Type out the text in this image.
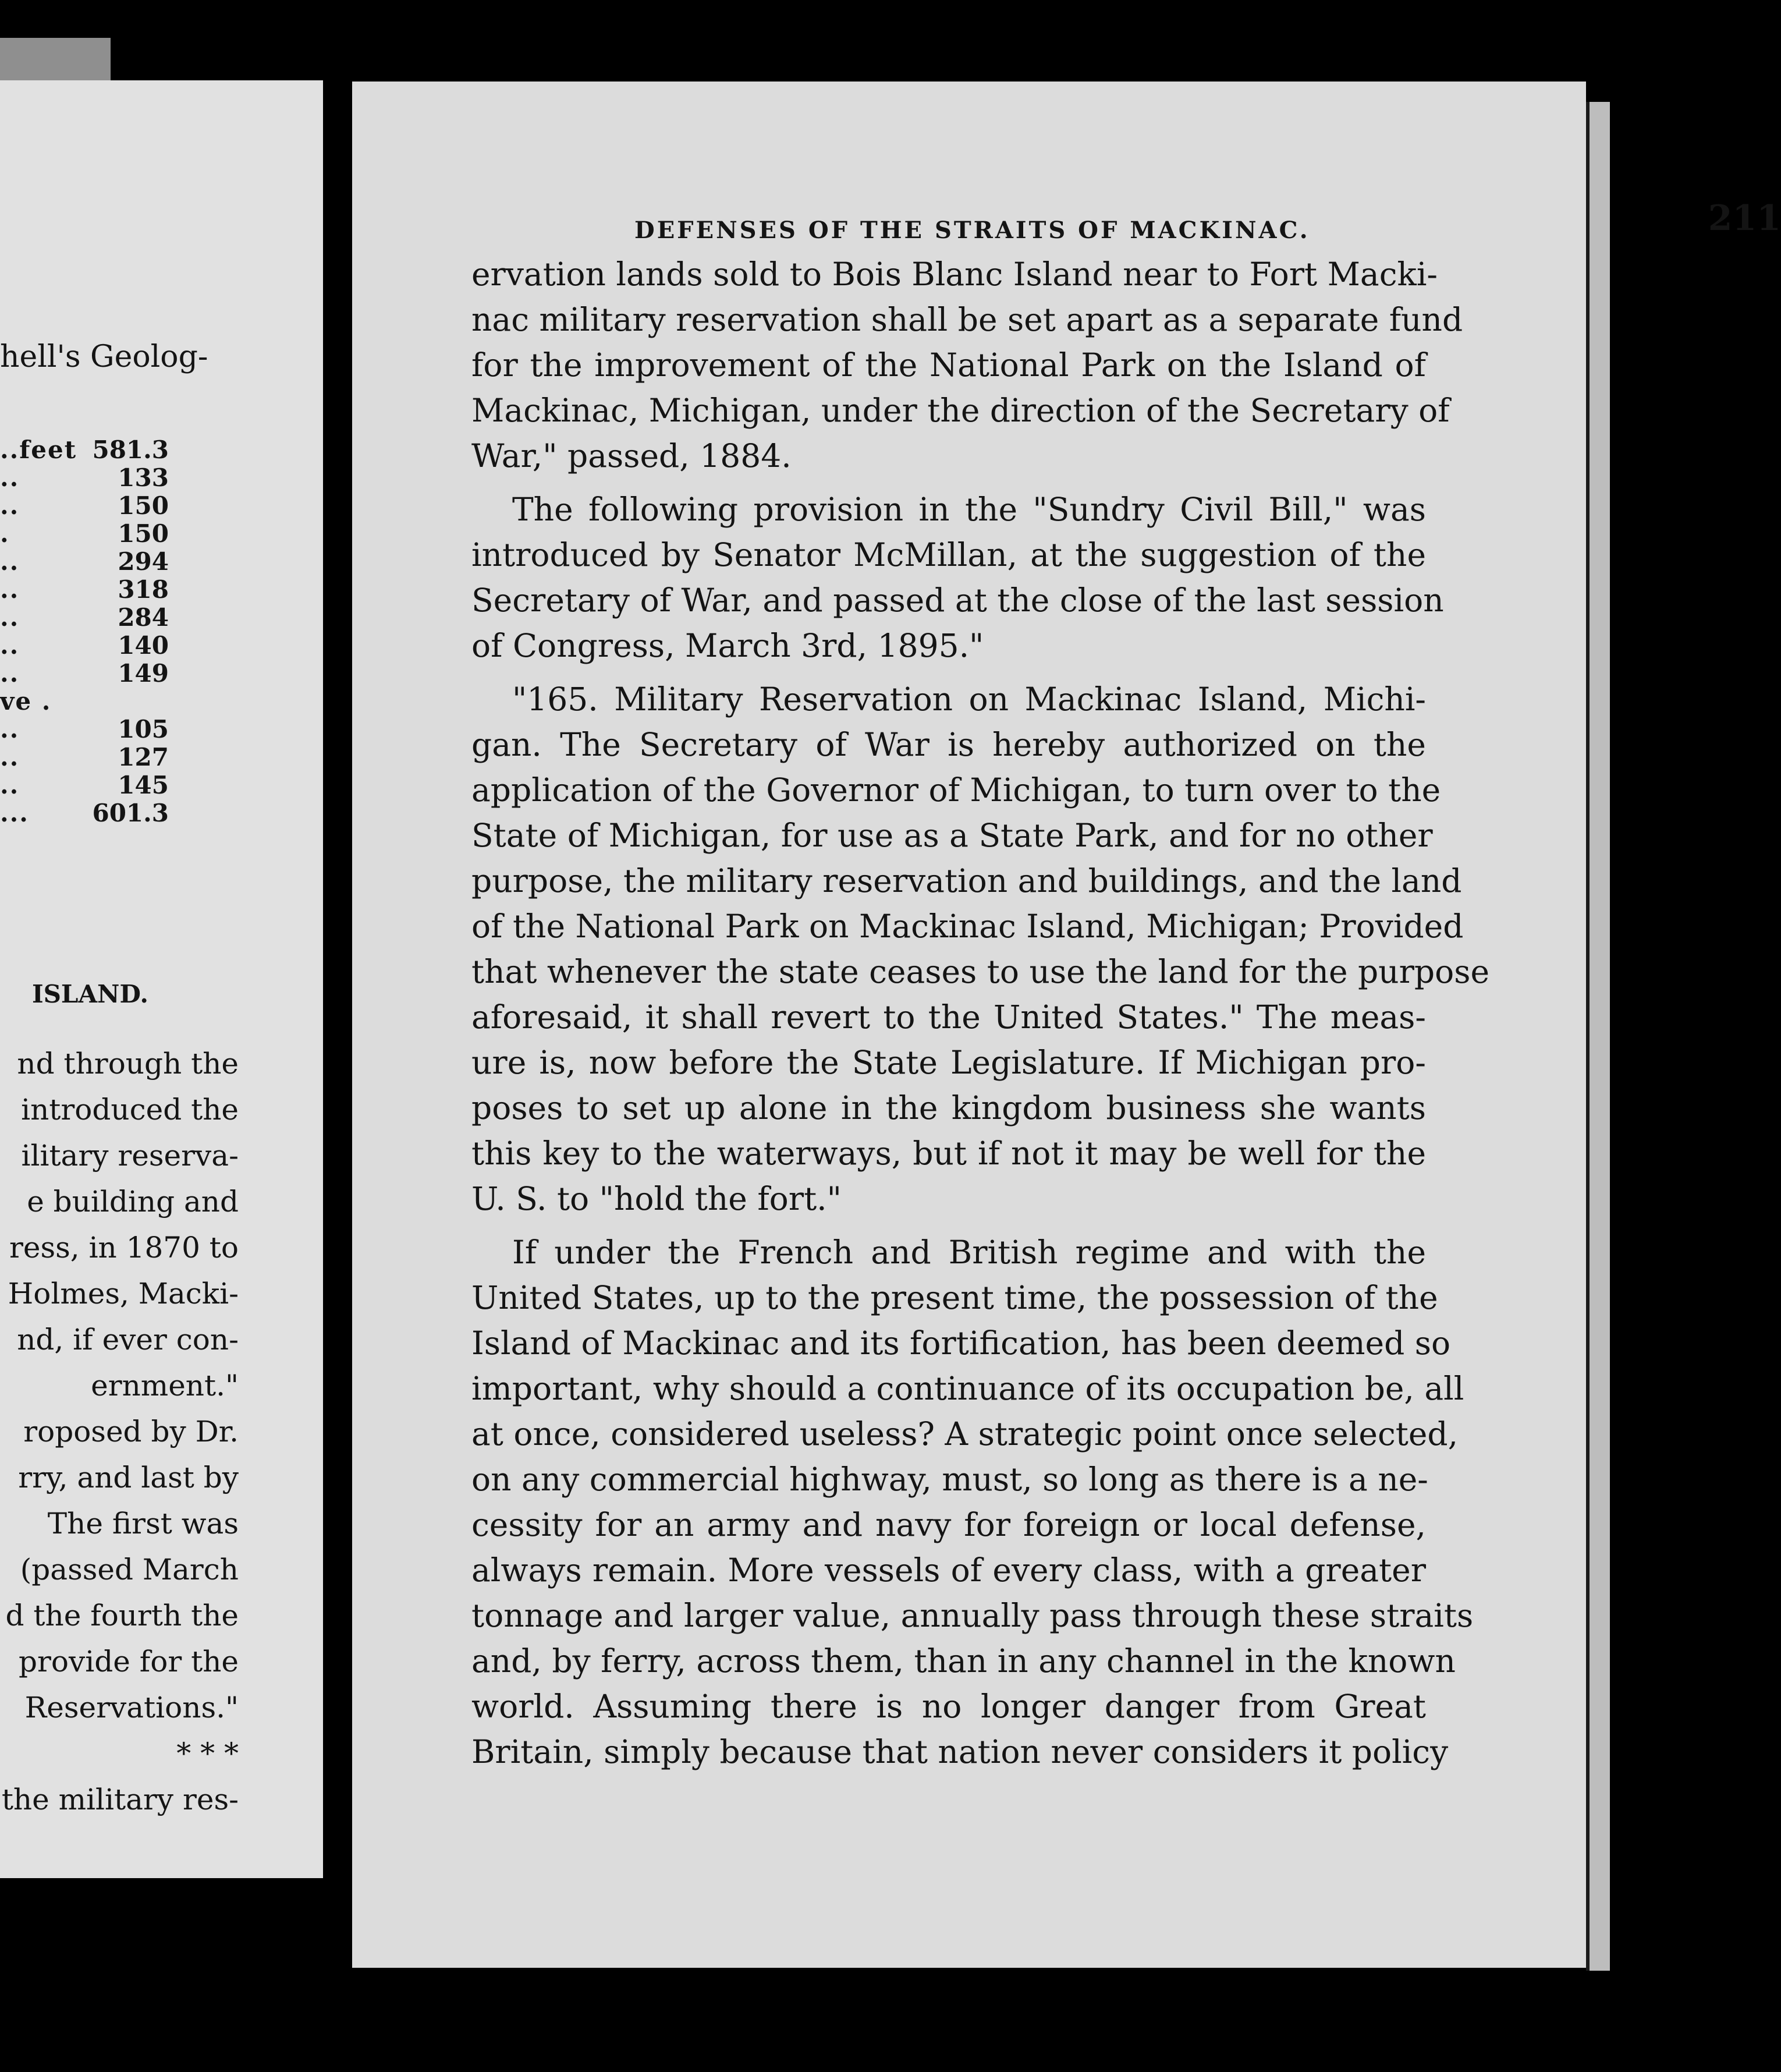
hell's Geolog-
..feet 581.3
..	133
..	150
.	150
..	294
..	318
..	284
..	140
..	149
ve .
..	105
..	127
..	145
...	601.3
ISLAND.
nd through the
introduced the
ilitary reserva-
e building and
ress, in 1870 to
Holmes, Macki-
nd, if ever con-
ernment."
roposed by Dr.
rry, and last by
The first was
(passed March
d the fourth the
provide for the
Reservations."
* * *
the military res-
DEFENSES OF THE STRAITS OF MACKINAC.	211
ervation lands sold to Bois Blanc Island near to Fort Macki-
nac military reservation shall be set apart as a separate fund
for the improvement of the National Park on the Island of
Mackinac, Michigan, under the direction of the Secretary of
War," passed, 1884.
The following provision in the "Sundry Civil Bill," was
introduced by Senator McMillan, at the suggestion of the
Secretary of War, and passed at the close of the last session
of Congress, March 3rd, 1895."
"165. Military Reservation on Mackinac Island, Michi-
gan. The Secretary of War is hereby authorized on the
application of the Governor of Michigan, to turn over to the
State of Michigan, for use as a State Park, and for no other
purpose, the military reservation and buildings, and the land
of the National Park on Mackinac Island, Michigan; Provided
that whenever the state ceases to use the land for the purpose
aforesaid, it shall revert to the United States." The meas-
ure is, now before the State Legislature. If Michigan pro-
poses to set up alone in the kingdom business she wants
this key to the waterways, but if not it may be well for the
U. S. to "hold the fort."
If under the French and British regime and with the
United States, up to the present time, the possession of the
Island of Mackinac and its fortification, has been deemed so
important, why should a continuance of its occupation be, all
at once, considered useless? A strategic point once selected,
on any commercial highway, must, so long as there is a ne-
cessity for an army and navy for foreign or local defense,
always remain. More vessels of every class, with a greater
tonnage and larger value, annually pass through these straits
and, by ferry, across them, than in any channel in the known
world. Assuming there is no longer danger from Great
Britain, simply because that nation never considers it policy
